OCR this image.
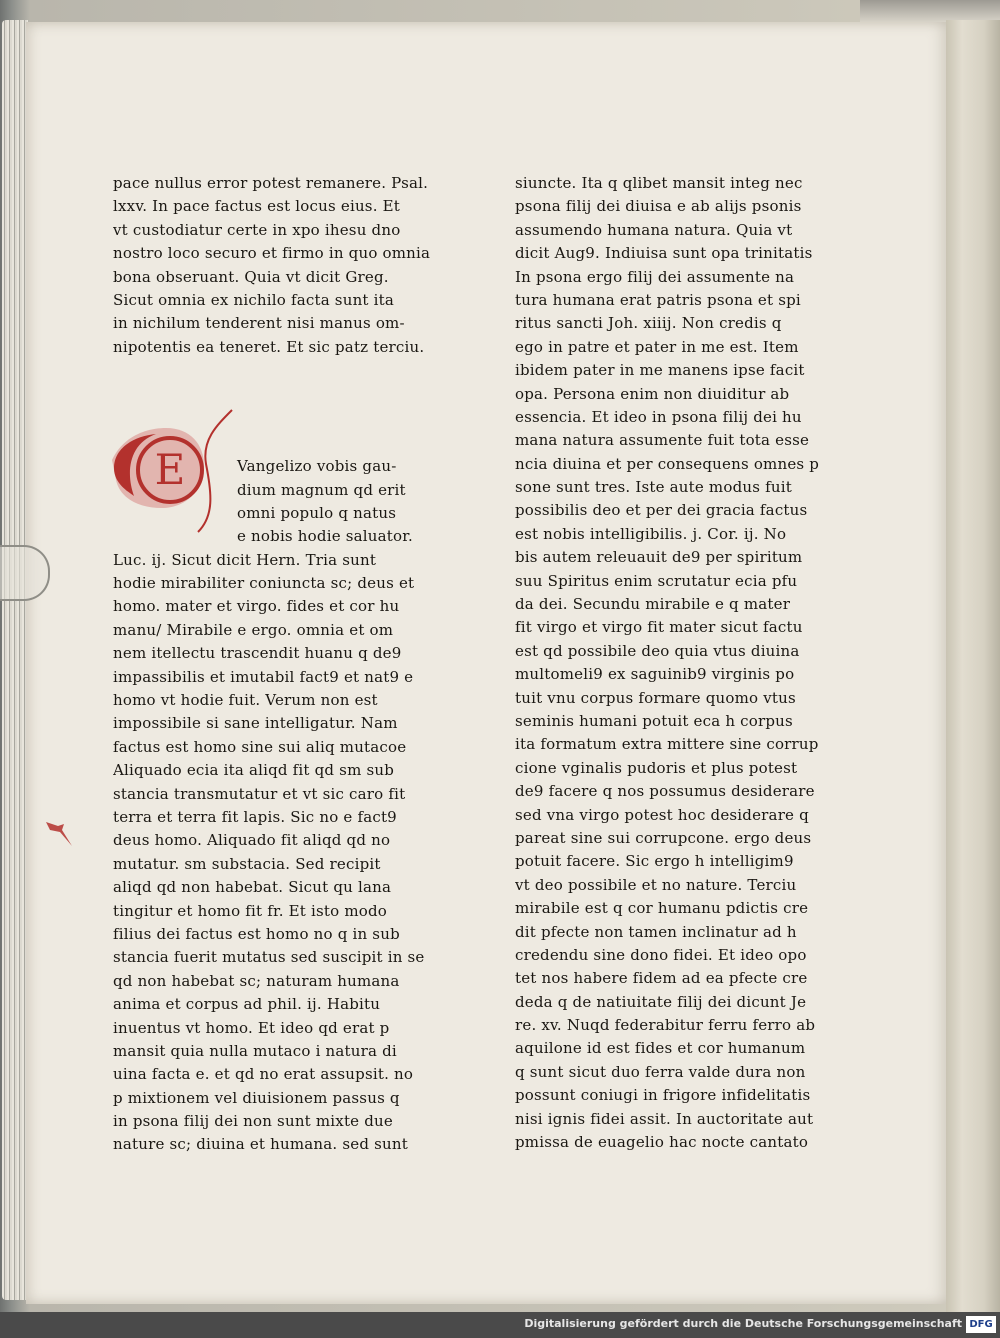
pace nullus error potest remanere. Psal.
lxxv. In pace factus est locus eius. Et
vt custodiatur certe in xpo ihesu dno
nostro loco securo et firmo in quo omnia
bona obseruant. Quia vt dicit Greg.
Sicut omnia ex nichilo facta sunt ita
in nichilum tenderent nisi manus om-
nipotentis ea teneret. Et sic patz terciu.
Vangelizo vobis gau-
dium magnum qd erit
omni populo q natus
e nobis hodie saluator.
Luc. ij. Sicut dicit Hern. Tria sunt
hodie mirabiliter coniuncta sc; deus et
homo. mater et virgo. fides et cor hu
manu/ Mirabile e ergo. omnia et om
nem itellectu trascendit huanu q de9
impassibilis et imutabil fact9 et nat9 e
homo vt hodie fuit. Verum non est
impossibile si sane intelligatur. Nam
factus est homo sine sui aliq mutacoe
Aliquado ecia ita aliqd fit qd sm sub
stancia transmutatur et vt sic caro fit
terra et terra fit lapis. Sic no e fact9
deus homo. Aliquado fit aliqd qd no
mutatur. sm substacia. Sed recipit
aliqd qd non habebat. Sicut qu lana
tingitur et homo fit fr. Et isto modo
filius dei factus est homo no q in sub
stancia fuerit mutatus sed suscipit in se
qd non habebat sc; naturam humana
anima et corpus ad phil. ij. Habitu
inuentus vt homo. Et ideo qd erat p
mansit quia nulla mutaco i natura di
uina facta e. et qd no erat assupsit. no
p mixtionem vel diuisionem passus q
in psona filij dei non sunt mixte due
nature sc; diuina et humana. sed sunt
E
siuncte. Ita q qlibet mansit integ nec
psona filij dei diuisa e ab alijs psonis
assumendo humana natura. Quia vt
dicit Aug9. Indiuisa sunt opa trinitatis
In psona ergo filij dei assumente na
tura humana erat patris psona et spi
ritus sancti Joh. xiiij. Non credis q
ego in patre et pater in me est. Item
ibidem pater in me manens ipse facit
opa. Persona enim non diuiditur ab
essencia. Et ideo in psona filij dei hu
mana natura assumente fuit tota esse
ncia diuina et per consequens omnes p
sone sunt tres. Iste aute modus fuit
possibilis deo et per dei gracia factus
est nobis intelligibilis. j. Cor. ij. No
bis autem releuauit de9 per spiritum
suu Spiritus enim scrutatur ecia pfu
da dei. Secundu mirabile e q mater
fit virgo et virgo fit mater sicut factu
est qd possibile deo quia vtus diuina
multomeli9 ex saguinib9 virginis po
tuit vnu corpus formare quomo vtus
seminis humani potuit eca h corpus
ita formatum extra mittere sine corrup
cione vginalis pudoris et plus potest
de9 facere q nos possumus desiderare
sed vna virgo potest hoc desiderare q
pareat sine sui corrupcone. ergo deus
potuit facere. Sic ergo h intelligim9
vt deo possibile et no nature. Terciu
mirabile est q cor humanu pdictis cre
dit pfecte non tamen inclinatur ad h
credendu sine dono fidei. Et ideo opo
tet nos habere fidem ad ea pfecte cre
deda q de natiuitate filij dei dicunt Je
re. xv. Nuqd federabitur ferru ferro ab
aquilone id est fides et cor humanum
q sunt sicut duo ferra valde dura non
possunt coniugi in frigore infidelitatis
nisi ignis fidei assit. In auctoritate aut
pmissa de euagelio hac nocte cantato
Digitalisierung gefördert durch die Deutsche Forschungsgemeinschaft DFG
